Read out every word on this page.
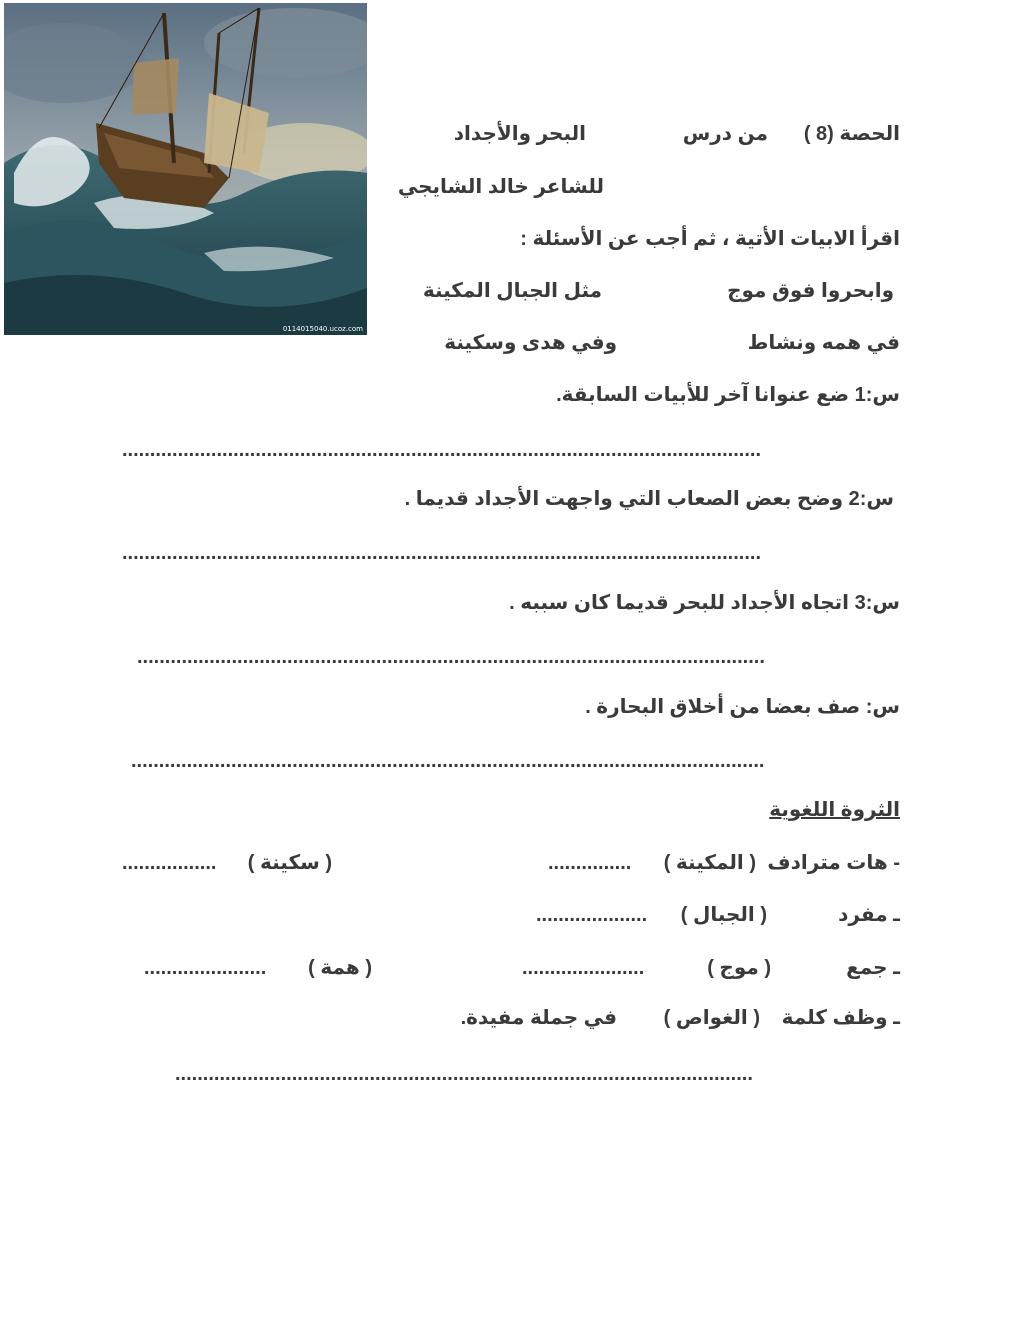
0114015040.ucoz.com
الحصة (8 )
من درس
البحر والأجداد
للشاعر خالد الشايجي
اقرأ الابيات الأتية ، ثم أجب عن الأسئلة :
وابحروا فوق موج
مثل الجبال المكينة
في همه ونشاط
وفي هدى وسكينة
س:1 ضع عنوانا آخر للأبيات السابقة.
...................................................................................................................
س:2 وضح بعض الصعاب التي واجهت الأجداد قديما .
...................................................................................................................
س:3 اتجاه الأجداد للبحر قديما كان سببه .
.................................................................................................................
س: صف بعضا من أخلاق البحارة .
..................................................................................................................
الثروة اللغوية
- هات مترادف
( المكينة )
...............
( سكينة )
.................
ـ مفرد
( الجبال )
....................
ـ جمع
( موج )
......................
( همة )
......................
ـ وظف كلمة
( الغواص )
في جملة مفيدة.
........................................................................................................
